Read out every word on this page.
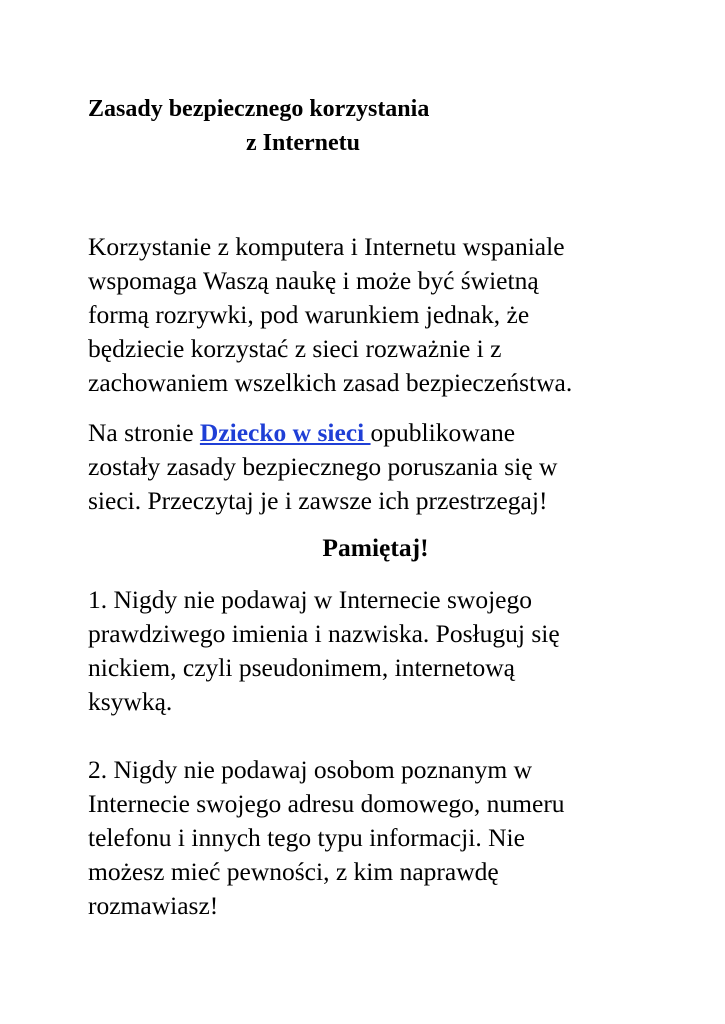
Zasady bezpiecznego korzystania
z Internetu

Korzystanie z komputera i Internetu wspaniale
wspomaga Waszą naukę i może być świetną
formą rozrywki, pod warunkiem jednak, że
będziecie korzystać z sieci rozważnie i z
zachowaniem wszelkich zasad bezpieczeństwa.

Na stronie Dziecko w sieci opublikowane
zostały zasady bezpiecznego poruszania się w
sieci. Przeczytaj je i zawsze ich przestrzegaj!

Pamiętaj!

1. Nigdy nie podawaj w Internecie swojego
prawdziwego imienia i nazwiska. Posługuj się
nickiem, czyli pseudonimem, internetową
ksywką.

2. Nigdy nie podawaj osobom poznanym w
Internecie swojego adresu domowego, numeru
telefonu i innych tego typu informacji. Nie
możesz mieć pewności, z kim naprawdę
rozmawiasz!
